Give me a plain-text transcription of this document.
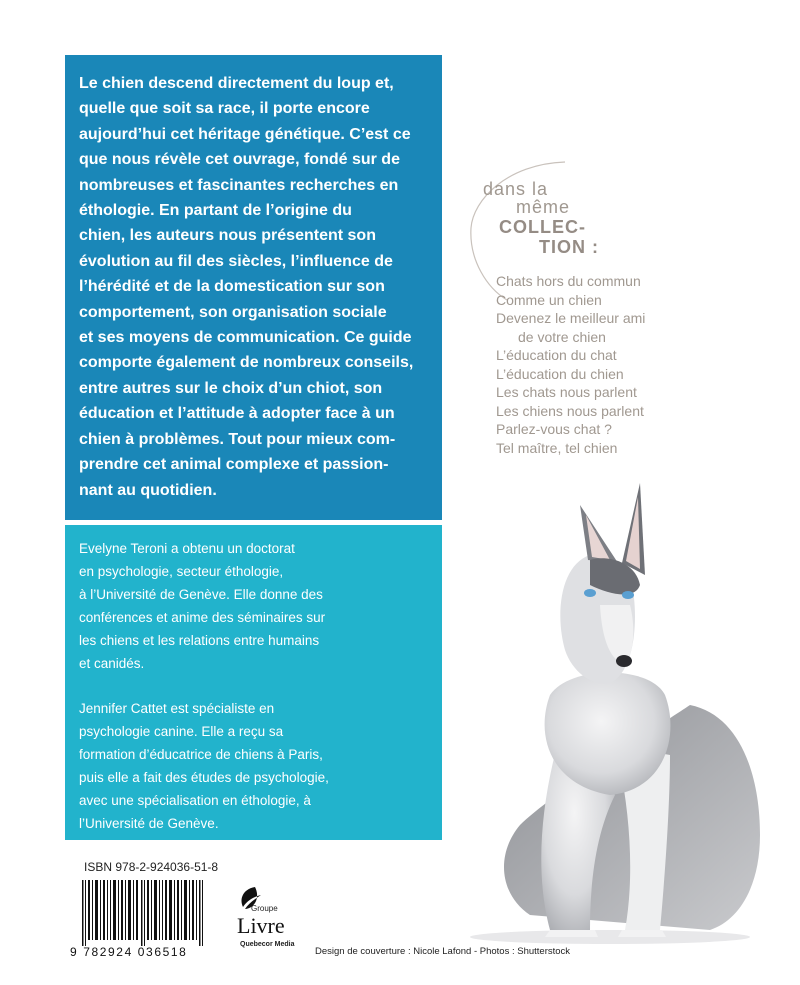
Le chien descend directement du loup et,
quelle que soit sa race, il porte encore
aujourd’hui cet héritage génétique. C’est ce
que nous révèle cet ouvrage, fondé sur de
nombreuses et fascinantes recherches en
éthologie. En partant de l’origine du
chien, les auteurs nous présentent son
évolution au fil des siècles, l’influence de
l’hérédité et de la domestication sur son
comportement, son organisation sociale
et ses moyens de communication. Ce guide
comporte également de nombreux conseils,
entre autres sur le choix d’un chiot, son
éducation et l’attitude à adopter face à un
chien à problèmes. Tout pour mieux com-
prendre cet animal complexe et passion-
nant au quotidien.

Evelyne Teroni a obtenu un doctorat
en psychologie, secteur éthologie,
à l’Université de Genève. Elle donne des
conférences et anime des séminaires sur
les chiens et les relations entre humains
et canidés.

Jennifer Cattet est spécialiste en
psychologie canine. Elle a reçu sa
formation d’éducatrice de chiens à Paris,
puis elle a fait des études de psychologie,
avec une spécialisation en éthologie, à
l’Université de Genève.

dans la
même
COLLEC-
TION :
Chats hors du commun
Comme un chien
Devenez le meilleur ami
de votre chien
L’éducation du chat
L’éducation du chien
Les chats nous parlent
Les chiens nous parlent
Parlez-vous chat ?
Tel maître, tel chien
ISBN 978-2-924036-51-8
9 782924 036518
Groupe
Livre
Quebecor Media
Design de couverture : Nicole Lafond - Photos : Shutterstock
